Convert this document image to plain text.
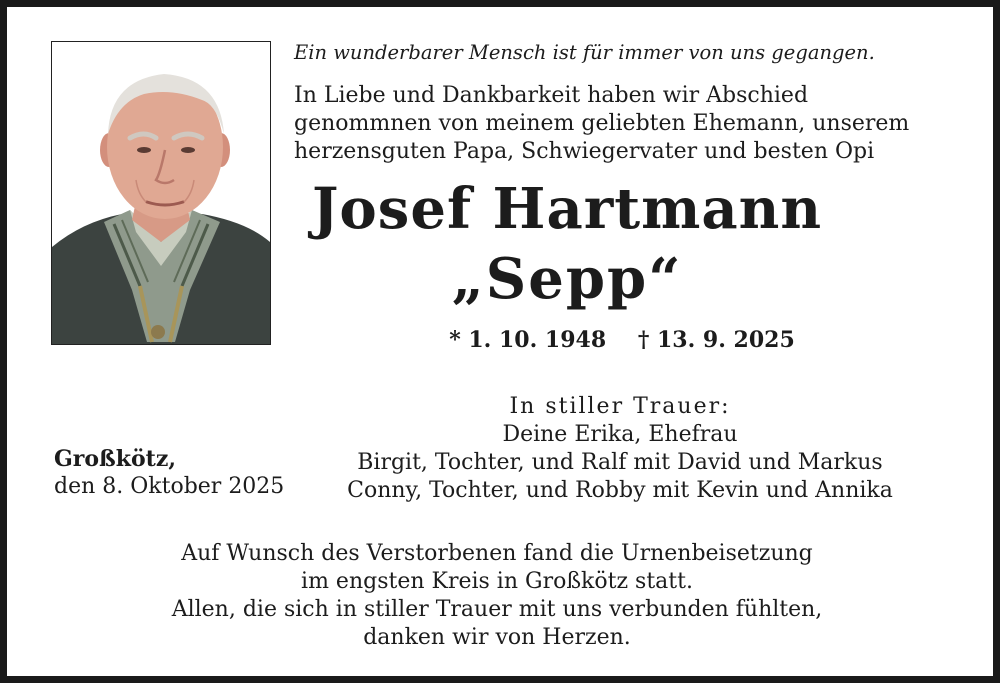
Ein wunderbarer Mensch ist für immer von uns gegangen.
In Liebe und Dankbarkeit haben wir Abschied
genommnen von meinem geliebten Ehemann, unserem
herzensguten Papa, Schwiegervater und besten Opi
Josef Hartmann
„Sepp“
* 1. 10. 1948 † 13. 9. 2025
In stiller Trauer:
Deine Erika, Ehefrau
Birgit, Tochter, und Ralf mit David und Markus
Conny, Tochter, und Robby mit Kevin und Annika
Großkötz,
den 8. Oktober 2025
Auf Wunsch des Verstorbenen fand die Urnenbeisetzung
im engsten Kreis in Großkötz statt.
Allen, die sich in stiller Trauer mit uns verbunden fühlten,
danken wir von Herzen.
